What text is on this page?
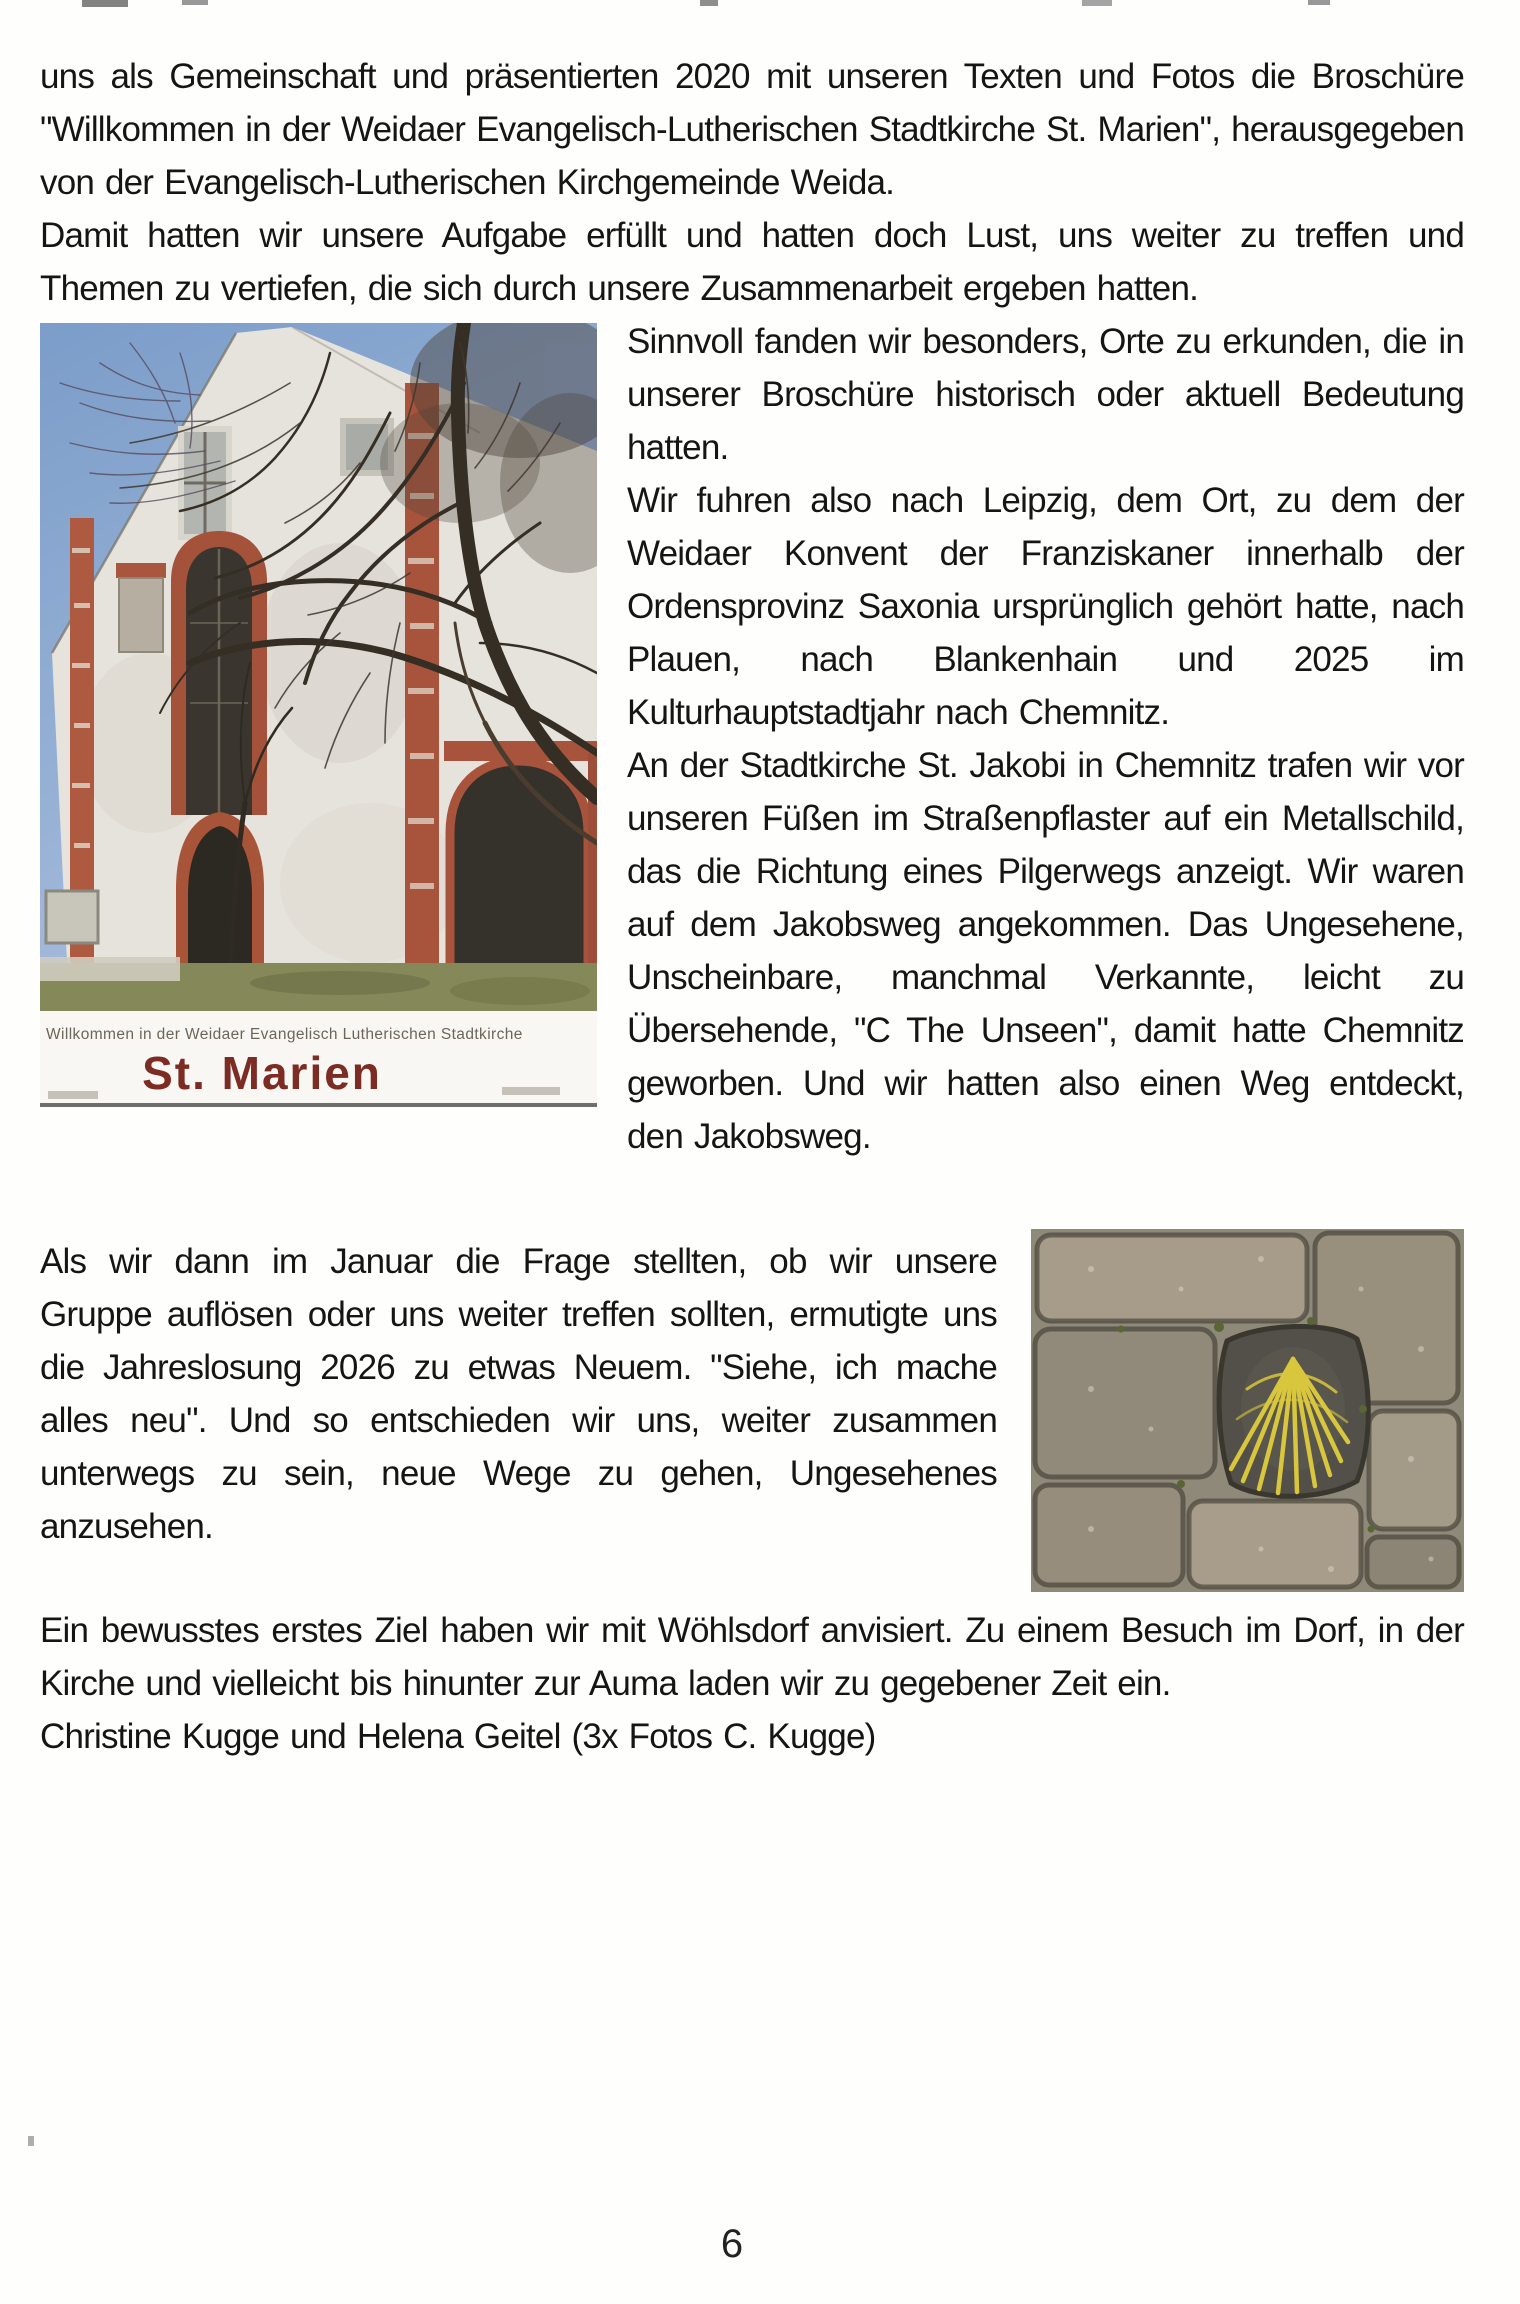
uns als Gemeinschaft und präsentierten 2020 mit unseren Texten und Fotos die Broschüre "Willkommen in der Weidaer Evangelisch-Lutherischen Stadtkirche St. Marien", herausgegeben von der Evangelisch-Lutherischen Kirchgemeinde Weida.

Damit hatten wir unsere Aufgabe erfüllt und hatten doch Lust, uns weiter zu treffen und Themen zu vertiefen, die sich durch unsere Zusammenarbeit ergeben hatten.

Willkommen in der Weidaer Evangelisch Lutherischen Stadtkirche
St. Marien

Sinnvoll fanden wir besonders, Orte zu erkunden, die in unserer Broschüre historisch oder aktuell Bedeutung hatten.

Wir fuhren also nach Leipzig, dem Ort, zu dem der Weidaer Konvent der Franziskaner innerhalb der Ordensprovinz Saxonia ursprünglich gehört hatte, nach Plauen, nach Blankenhain und 2025 im Kulturhauptstadtjahr nach Chemnitz.

An der Stadtkirche St. Jakobi in Chemnitz trafen wir vor unseren Füßen im Straßenpflaster auf ein Metallschild, das die Richtung eines Pilgerwegs anzeigt. Wir waren auf dem Jakobsweg angekommen. Das Ungesehene, Unscheinbare, manchmal Verkannte, leicht zu Übersehende, "C The Unseen", damit hatte Chemnitz geworben. Und wir hatten also einen Weg entdeckt, den Jakobsweg.

Als wir dann im Januar die Frage stellten, ob wir unsere Gruppe auflösen oder uns weiter treffen sollten, ermutigte uns die Jahreslosung 2026 zu etwas Neuem. "Siehe, ich mache alles neu". Und so entschieden wir uns, weiter zusammen unterwegs zu sein, neue Wege zu gehen, Ungesehenes anzusehen.

Ein bewusstes erstes Ziel haben wir mit Wöhlsdorf anvisiert. Zu einem Besuch im Dorf, in der Kirche und vielleicht bis hinunter zur Auma laden wir zu gegebener Zeit ein.

Christine Kugge und Helena Geitel (3x Fotos C. Kugge)

6
